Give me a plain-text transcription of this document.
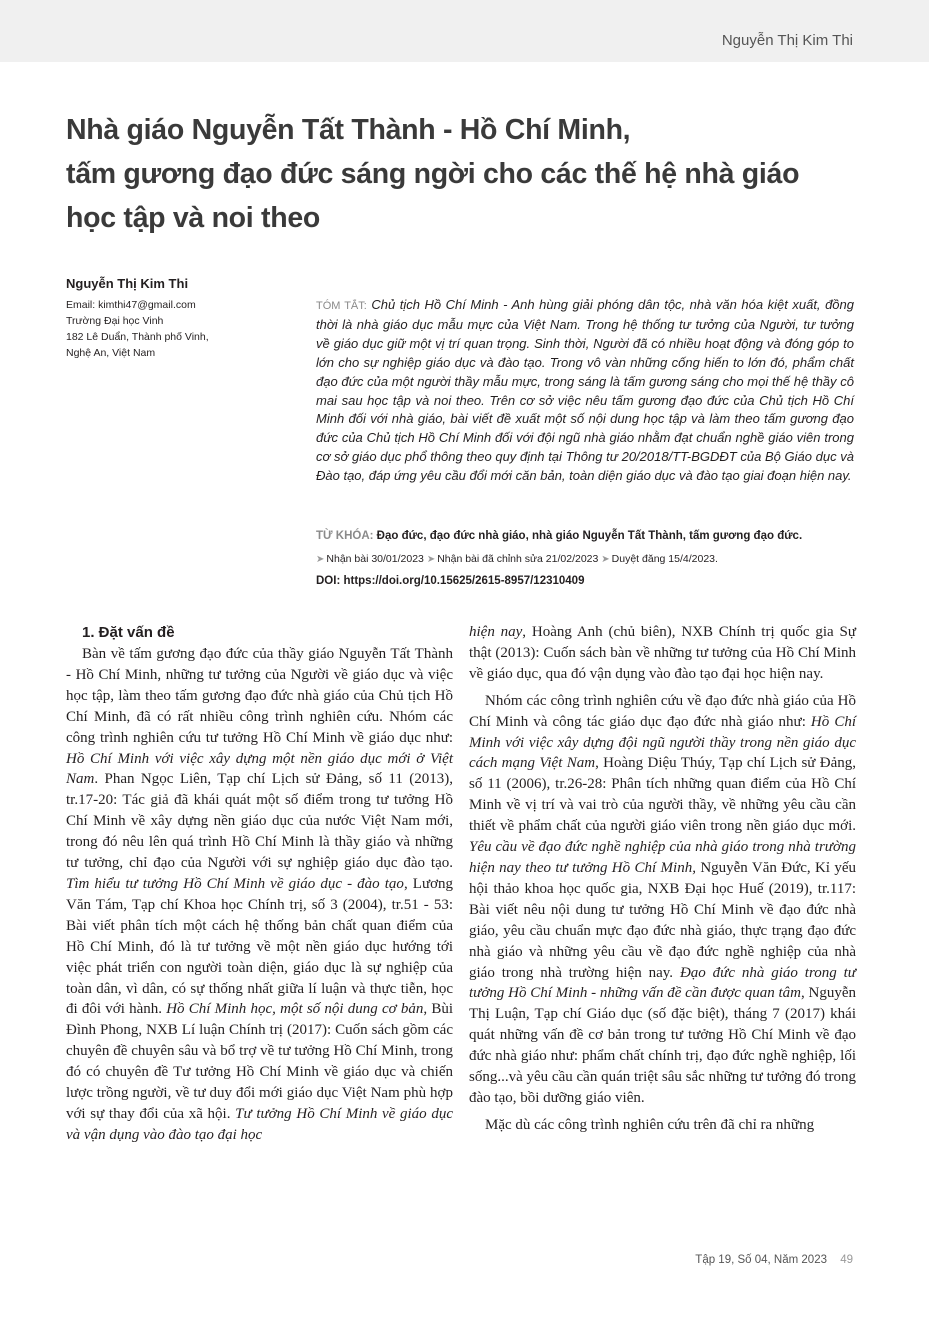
Nguyễn Thị Kim Thi
Nhà giáo Nguyễn Tất Thành - Hồ Chí Minh,
tấm gương đạo đức sáng ngời cho các thế hệ nhà giáo
học tập và noi theo
Nguyễn Thị Kim Thi
Email: kimthi47@gmail.com
Trường Đại học Vinh
182 Lê Duẩn, Thành phố Vinh,
Nghệ An, Việt Nam
TÓM TẮT: Chủ tịch Hồ Chí Minh - Anh hùng giải phóng dân tộc, nhà văn hóa kiệt xuất, đồng thời là nhà giáo dục mẫu mực của Việt Nam. Trong hệ thống tư tưởng của Người, tư tưởng về giáo dục giữ một vị trí quan trọng. Sinh thời, Người đã có nhiều hoạt động và đóng góp to lớn cho sự nghiệp giáo dục và đào tạo. Trong vô vàn những cống hiến to lớn đó, phẩm chất đạo đức của một người thầy mẫu mực, trong sáng là tấm gương sáng cho mọi thế hệ thầy cô mai sau học tập và noi theo. Trên cơ sở việc nêu tấm gương đạo đức của Chủ tịch Hồ Chí Minh đối với nhà giáo, bài viết đề xuất một số nội dung học tập và làm theo tấm gương đạo đức của Chủ tịch Hồ Chí Minh đối với đội ngũ nhà giáo nhằm đạt chuẩn nghề giáo viên trong cơ sở giáo dục phổ thông theo quy định tại Thông tư 20/2018/TT-BGDĐT của Bộ Giáo dục và Đào tạo, đáp ứng yêu cầu đổi mới căn bản, toàn diện giáo dục và đào tạo giai đoạn hiện nay.
TỪ KHÓA: Đạo đức, đạo đức nhà giáo, nhà giáo Nguyễn Tất Thành, tấm gương đạo đức.
➤ Nhận bài 30/01/2023 ➤ Nhận bài đã chỉnh sửa 21/02/2023 ➤ Duyệt đăng 15/4/2023.
DOI: https://doi.org/10.15625/2615-8957/12310409
1. Đặt vấn đề

Bàn về tấm gương đạo đức của thầy giáo Nguyễn Tất Thành - Hồ Chí Minh, những tư tưởng của Người về giáo dục và việc học tập, làm theo tấm gương đạo đức nhà giáo của Chủ tịch Hồ Chí Minh, đã có rất nhiều công trình nghiên cứu. Nhóm các công trình nghiên cứu tư tưởng Hồ Chí Minh về giáo dục như: Hồ Chí Minh với việc xây dựng một nền giáo dục mới ở Việt Nam. Phan Ngọc Liên, Tạp chí Lịch sử Đảng, số 11 (2013), tr.17-20: Tác giả đã khái quát một số điểm trong tư tưởng Hồ Chí Minh về xây dựng nền giáo dục của nước Việt Nam mới, trong đó nêu lên quá trình Hồ Chí Minh là thầy giáo và những tư tưởng, chỉ đạo của Người với sự nghiệp giáo dục đào tạo. Tìm hiểu tư tưởng Hồ Chí Minh về giáo dục - đào tạo, Lương Văn Tám, Tạp chí Khoa học Chính trị, số 3 (2004), tr.51 - 53: Bài viết phân tích một cách hệ thống bản chất quan điểm của Hồ Chí Minh, đó là tư tưởng về một nền giáo dục hướng tới việc phát triển con người toàn diện, giáo dục là sự nghiệp của toàn dân, vì dân, có sự thống nhất giữa lí luận và thực tiễn, học đi đôi với hành. Hồ Chí Minh học, một số nội dung cơ bản, Bùi Đình Phong, NXB Lí luận Chính trị (2017): Cuốn sách gồm các chuyên đề chuyên sâu và bổ trợ về tư tưởng Hồ Chí Minh, trong đó có chuyên đề Tư tưởng Hồ Chí Minh về giáo dục và chiến lược trồng người, về tư duy đổi mới giáo dục Việt Nam phù hợp với sự thay đổi của xã hội. Tư tưởng Hồ Chí Minh về giáo dục và vận dụng vào đào tạo đại học

hiện nay, Hoàng Anh (chủ biên), NXB Chính trị quốc gia Sự thật (2013): Cuốn sách bàn về những tư tưởng của Hồ Chí Minh về giáo dục, qua đó vận dụng vào đào tạo đại học hiện nay.

Nhóm các công trình nghiên cứu về đạo đức nhà giáo của Hồ Chí Minh và công tác giáo dục đạo đức nhà giáo như: Hồ Chí Minh với việc xây dựng đội ngũ người thầy trong nền giáo dục cách mạng Việt Nam, Hoàng Diệu Thúy, Tạp chí Lịch sử Đảng, số 11 (2006), tr.26-28: Phân tích những quan điểm của Hồ Chí Minh về vị trí và vai trò của người thầy, về những yêu cầu cần thiết về phẩm chất của người giáo viên trong nền giáo dục mới. Yêu cầu về đạo đức nghề nghiệp của nhà giáo trong nhà trường hiện nay theo tư tưởng Hồ Chí Minh, Nguyễn Văn Đức, Kỉ yếu hội thảo khoa học quốc gia, NXB Đại học Huế (2019), tr.117: Bài viết nêu nội dung tư tưởng Hồ Chí Minh về đạo đức nhà giáo, yêu cầu chuẩn mực đạo đức nhà giáo, thực trạng đạo đức nhà giáo và những yêu cầu về đạo đức nghề nghiệp của nhà giáo trong nhà trường hiện nay. Đạo đức nhà giáo trong tư tưởng Hồ Chí Minh - những vấn đề cần được quan tâm, Nguyễn Thị Luận, Tạp chí Giáo dục (số đặc biệt), tháng 7 (2017) khái quát những vấn đề cơ bản trong tư tưởng Hồ Chí Minh về đạo đức nhà giáo như: phẩm chất chính trị, đạo đức nghề nghiệp, lối sống...và yêu cầu cần quán triệt sâu sắc những tư tưởng đó trong đào tạo, bồi dưỡng giáo viên.

Mặc dù các công trình nghiên cứu trên đã chỉ ra những

Tập 19, Số 04, Năm 2023 49
